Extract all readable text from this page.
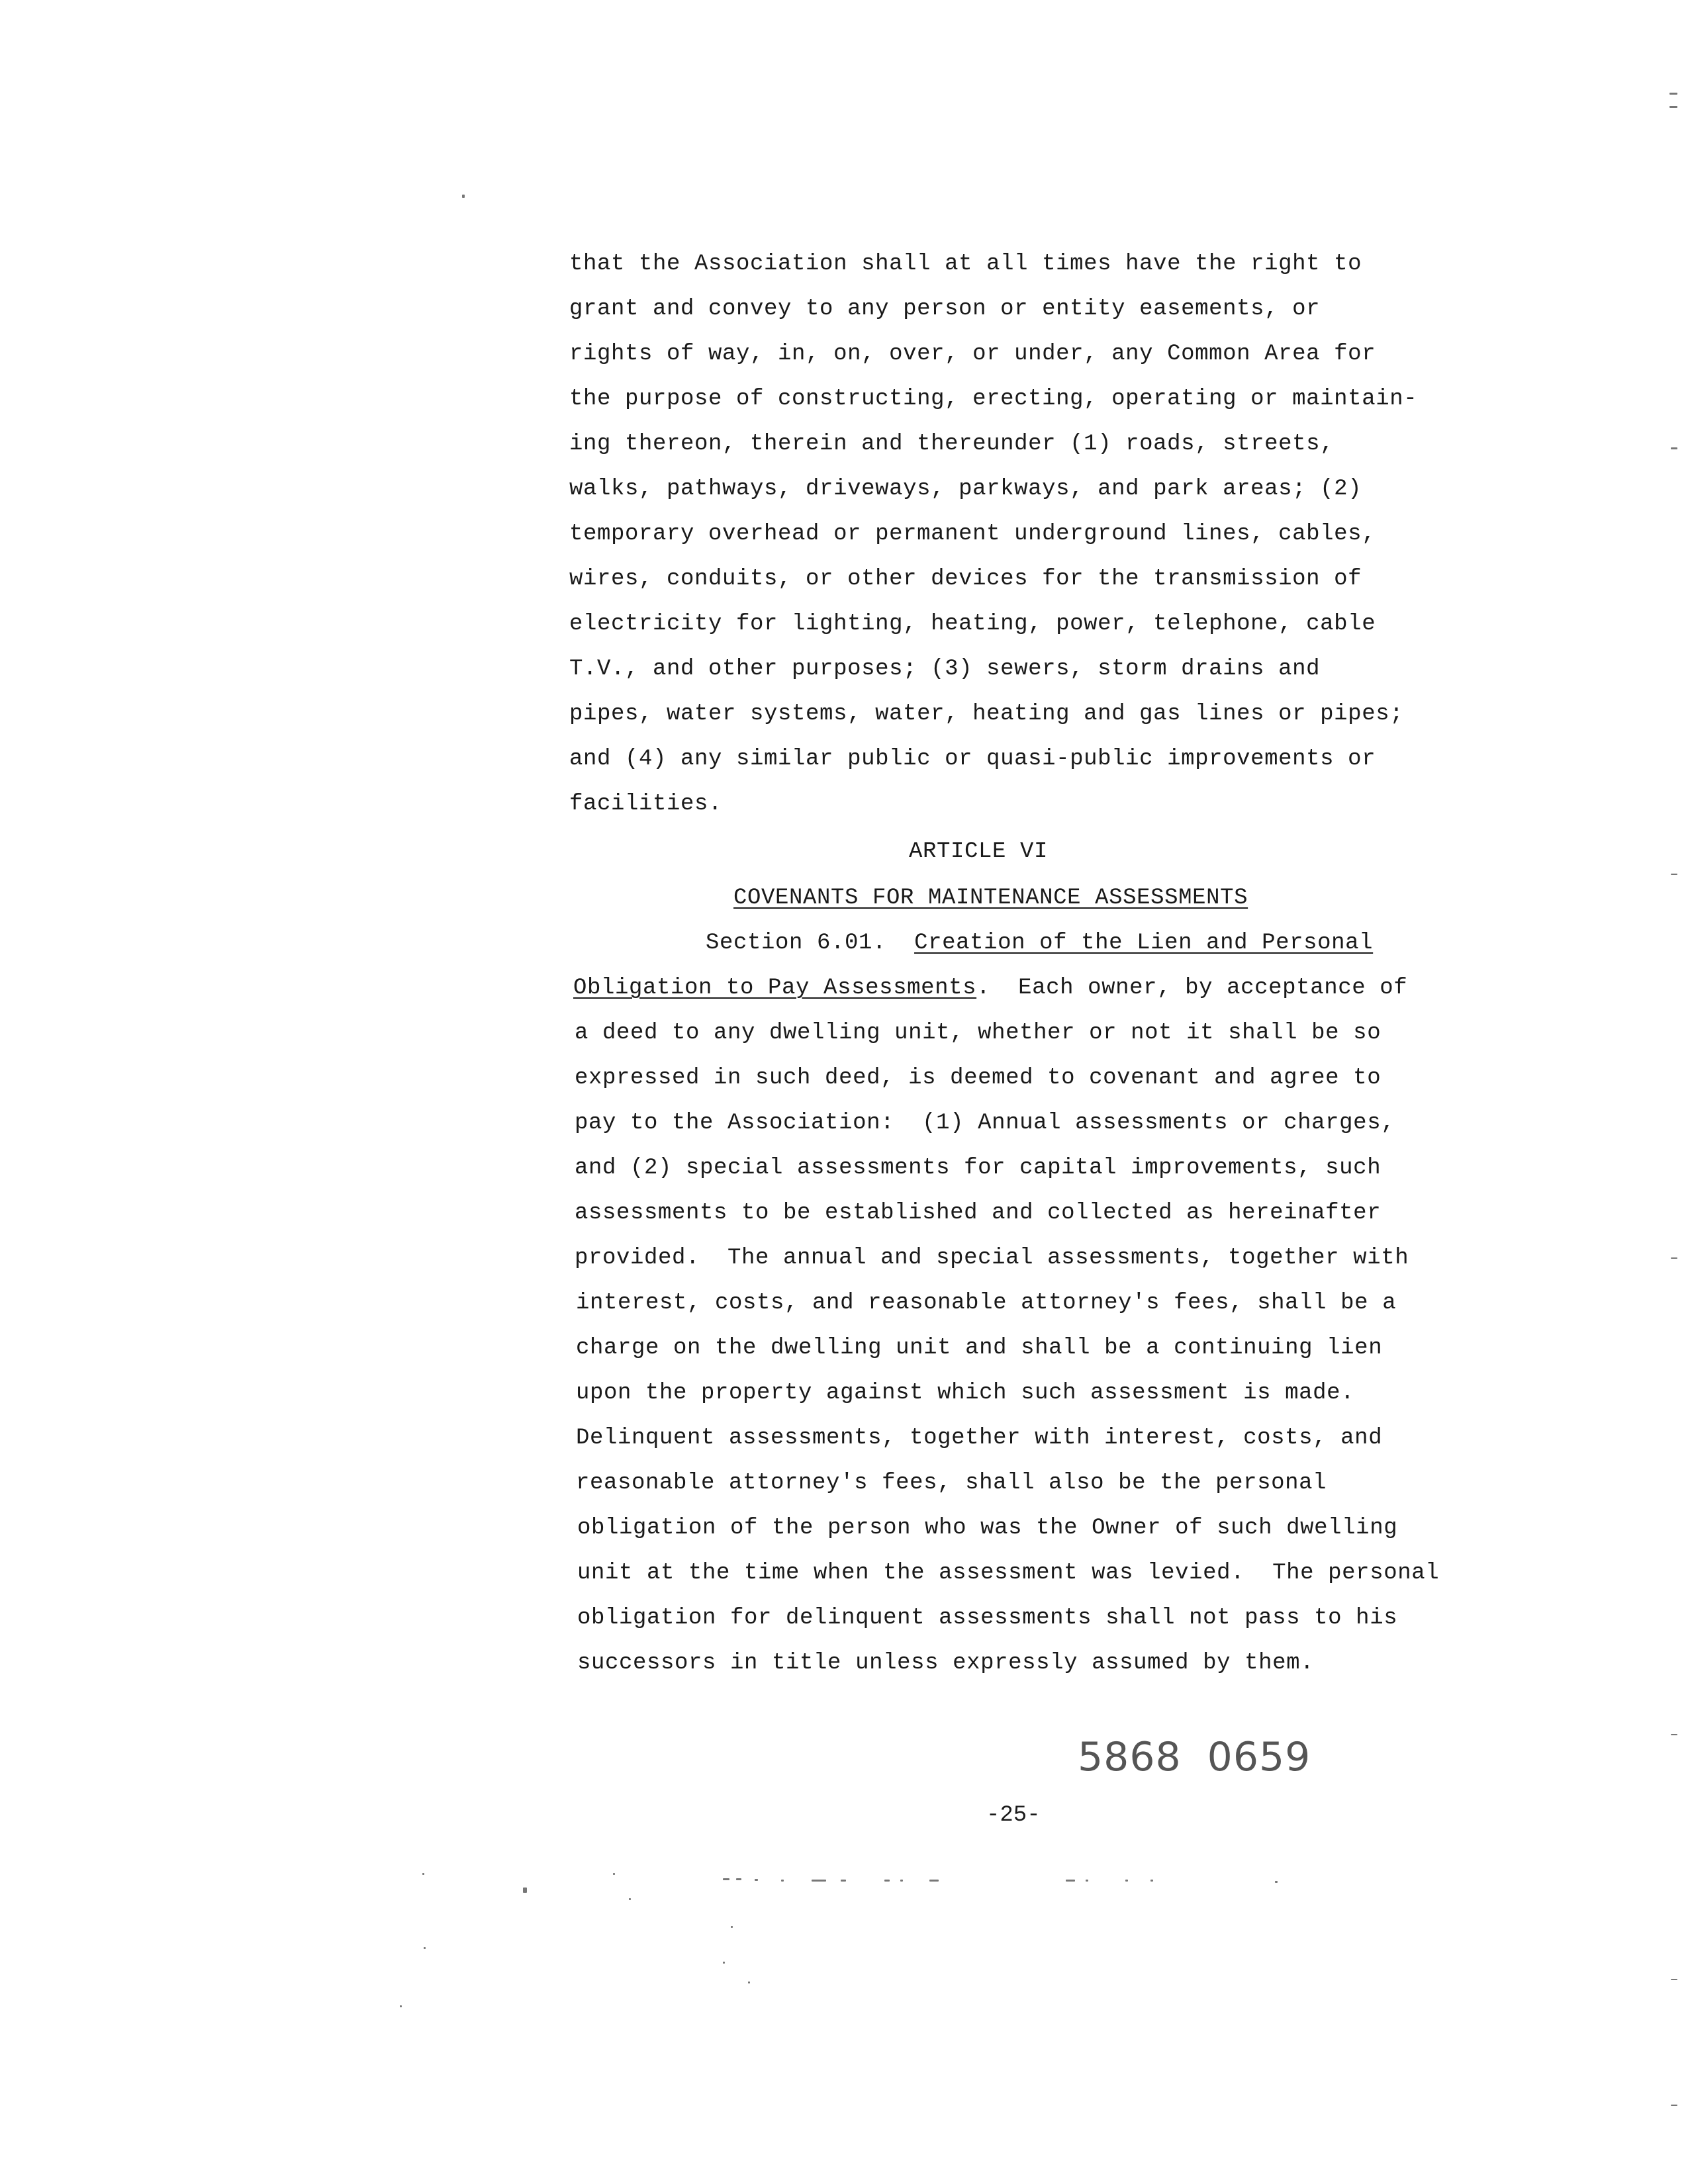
that the Association shall at all times have the right to
grant and convey to any person or entity easements, or
rights of way, in, on, over, or under, any Common Area for
the purpose of constructing, erecting, operating or maintain-
ing thereon, therein and thereunder (1) roads, streets,
walks, pathways, driveways, parkways, and park areas; (2)
temporary overhead or permanent underground lines, cables,
wires, conduits, or other devices for the transmission of
electricity for lighting, heating, power, telephone, cable
T.V., and other purposes; (3) sewers, storm drains and
pipes, water systems, water, heating and gas lines or pipes;
and (4) any similar public or quasi-public improvements or
facilities.
ARTICLE VI
COVENANTS FOR MAINTENANCE ASSESSMENTS
Section 6.01. Creation of the Lien and Personal
Obligation to Pay Assessments.  Each owner, by acceptance of
a deed to any dwelling unit, whether or not it shall be so
expressed in such deed, is deemed to covenant and agree to
pay to the Association:  (1) Annual assessments or charges,
and (2) special assessments for capital improvements, such
assessments to be established and collected as hereinafter
provided.  The annual and special assessments, together with
interest, costs, and reasonable attorney's fees, shall be a
charge on the dwelling unit and shall be a continuing lien
upon the property against which such assessment is made.
Delinquent assessments, together with interest, costs, and
reasonable attorney's fees, shall also be the personal
obligation of the person who was the Owner of such dwelling
unit at the time when the assessment was levied.  The personal
obligation for delinquent assessments shall not pass to his
successors in title unless expressly assumed by them.
5868   0659
-25-
